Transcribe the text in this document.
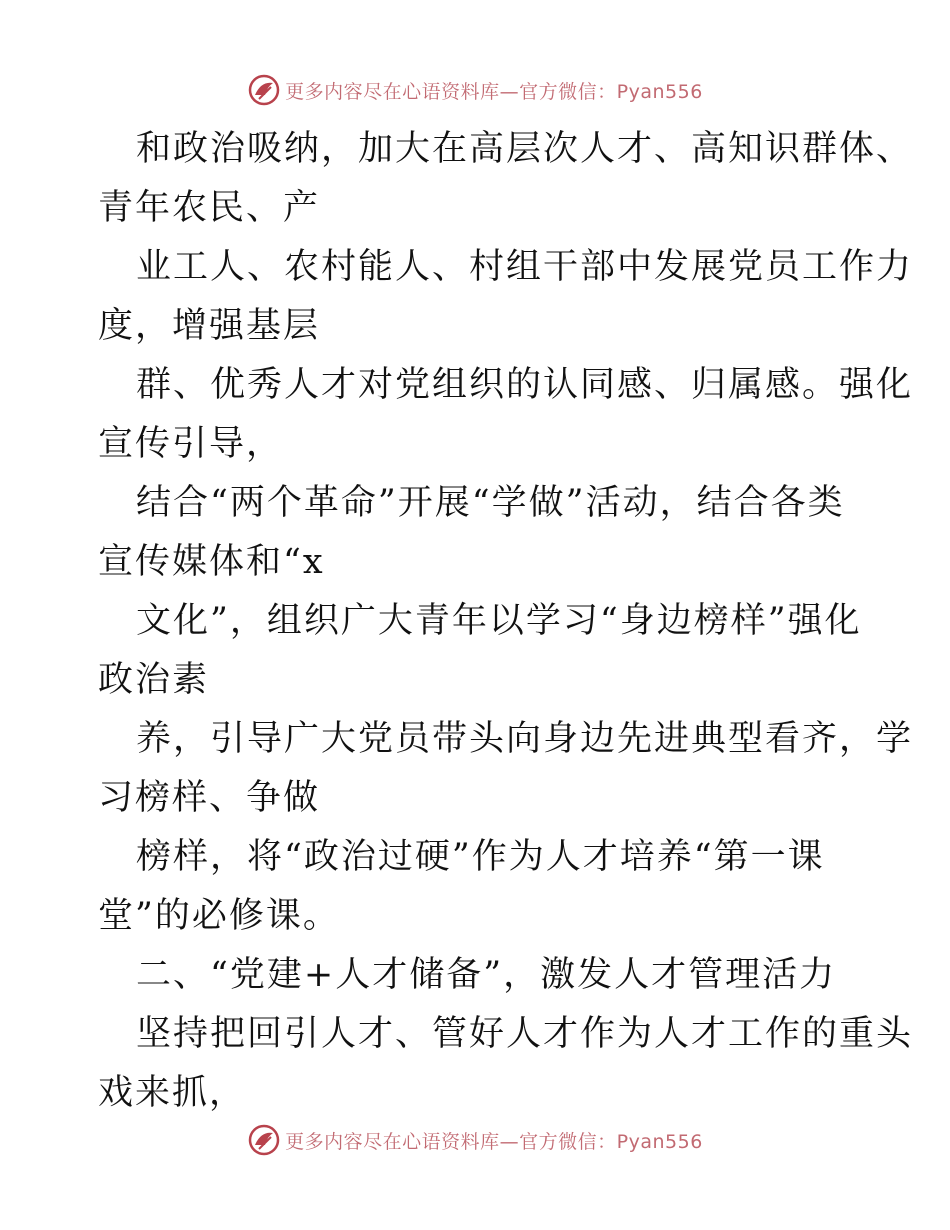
更多内容尽在心语资料库—官方微信：Pyan556

和政治吸纳，加大在高层次人才、高知识群体、
青年农民、产

业工人、农村能人、村组干部中发展党员工作力
度，增强基层

群、优秀人才对党组织的认同感、归属感。强化
宣传引导，

结合“两个革命”开展“学做”活动，结合各类
宣传媒体和“x

文化”，组织广大青年以学习“身边榜样”强化
政治素

养，引导广大党员带头向身边先进典型看齐，学
习榜样、争做

榜样，将“政治过硬”作为人才培养“第一课
堂”的必修课。

二、“党建+人才储备”，激发人才管理活力

坚持把回引人才、管好人才作为人才工作的重头
戏来抓，

更多内容尽在心语资料库—官方微信：Pyan556
